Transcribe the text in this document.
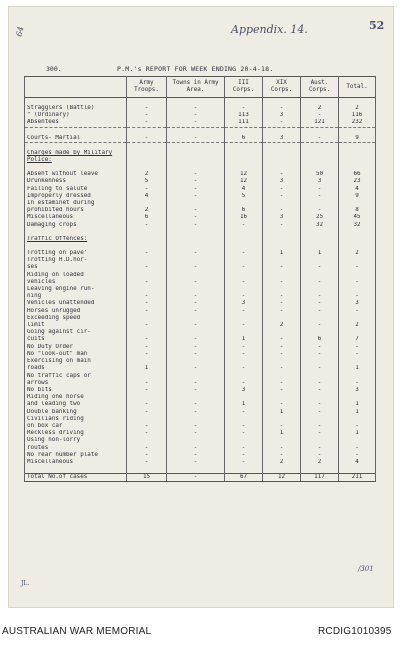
64	Appendix. 14.	52
300.	P.M.'s REPORT FOR WEEK ENDING 20-4-18.
/301
JL.
	Army Troops.	Towns in Army Area.	III Corps.	XIX Corps.	Aust. Corps.	Total.

Stragglers (Battle)	-	-	-	-	2	2
" (Ordinary)	-	-	113	3	-	116
Absentees	-	-	111	-	121	232

Courts- Martial	-	-	6	3	-	9

Charges made by Military Police:						

Absent without leave	2	-	12	-	50	66
Drunkenness	5	-	12	3	3	23
Failing to salute	-	-	4	-	-	4
Improperly dressed	4	-	5	-	-	9
In estaminet during						
prohibited hours	2	-	6	-	-	8
Miscellaneous	6	-	16	3	25	45
Damaging crops	-	-	-	-	32	32

Traffic Offences:						

Trotting on pave'	-	-	-	1	1	2
Trotting H.D.hor-						
ses	-	-	-	-	-	-
Riding on loaded						
vehicles	-	-	-	-	-	-
Leaving engine run-						
ning	-	-	-	-	-	-
Vehicles unattended	-	-	3	-	-	3
Horses unrugged	-	-	-	-	-	-
Exceeding speed						
limit	-	-	-	2	-	2
Going against cir-						
cuits	-	-	1	-	6	7
No Duty Order	-	-	-	-	-	-
No "look-out" man	-	-	-	-	-	-
Exercising on main						
roads	1	-	-	-	-	1
No traffic caps or						
arrows	-	-	-	-	-	-
No bits	-	-	3	-	-	3
Riding one horse						
and leading two	-	-	1	-	-	1
Double banking	-	-	-	1	-	1
Civilians riding						
on box car	-	-	-	-	-	-
Reckless driving	-	-	-	1	-	1
Using non-lorry						
routes	-	-	-	-	-	-
No rear number plate	-	-	-	-	-	-
Miscellaneous	-	-	-	2	2	4

Total No.of cases	15	-	67	12	117	211
AUSTRALIAN WAR MEMORIAL	RCDIG1010395
